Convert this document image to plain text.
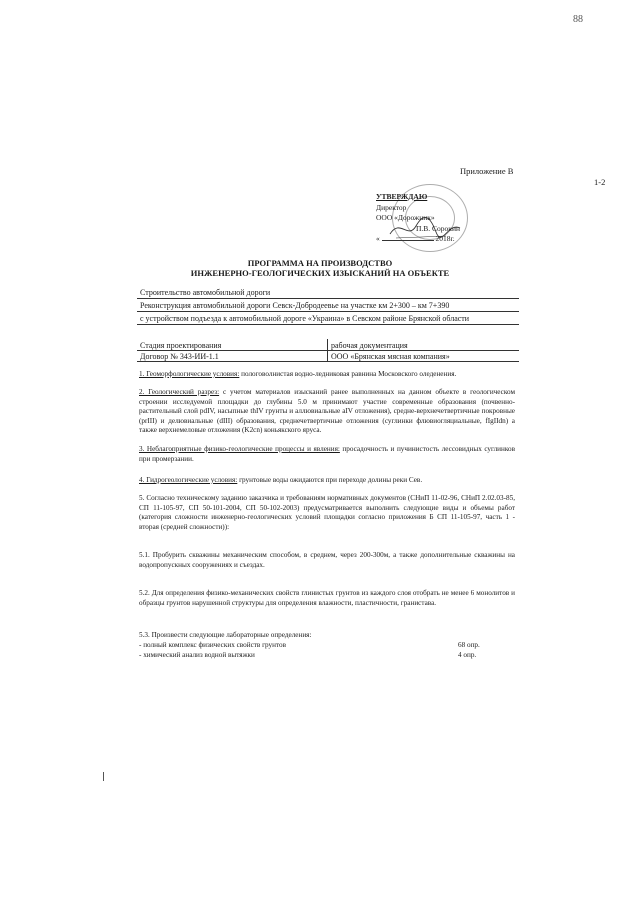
88
Приложение В
1-2
УТВЕРЖДАЮ
Директор
ООО «Дорожник»
П.В. Сорокин
«	2018г.
ПРОГРАММА НА ПРОИЗВОДСТВО
ИНЖЕНЕРНО-ГЕОЛОГИЧЕСКИХ ИЗЫСКАНИЙ НА ОБЪЕКТЕ
Строительство автомобильной дороги
Реконструкция автомобильной дороги Севск-Добродеевье на участке км 2+300 – км 7+390
с устройством подъезда к автомобильной дороге «Украина» в Севском районе Брянской области
Стадия проектирования	рабочая документация
Договор № 343-ИИ-1.1	ООО «Брянская мясная компания»
1. Геоморфологические условия: пологоволнистая водно-ледниковая равнина Московского оледенения.
2. Геологический разрез: с учетом материалов изысканий ранее выполненных на данном объекте в геологическом строении исследуемой площадки до глубины 5.0 м принимают участие современные образования (почвенно-растительный слой pdIV, насыпные thIV грунты и аллювиальные aIV отложения), средне-верхнечетвертичные покровные (prIII) и делювиальные (dIII) образования, среднечетвертичные отложения (суглинки флювиогляциальные, fIgIIdn) а также верхнемеловые отложения (K2cn) коньякского яруса.
3. Неблагоприятные физико-геологические процессы и явления: просадочность и пучинистость лессовидных суглинков при промерзании.
4. Гидрогеологические условия: грунтовые воды ожидаются при переходе долины реки Сев.
5. Согласно техническому заданию заказчика и требованиям нормативных документов (СНиП 11-02-96, СНиП 2.02.03-85, СП 11-105-97, СП 50-101-2004, СП 50-102-2003) предусматривается выполнить следующие виды и объемы работ (категория сложности инженерно-геологических условий площадки согласно приложения Б СП 11-105-97, часть 1 - вторая (средней сложности)):
5.1. Пробурить скважины механическим способом, в среднем, через 200-300м, а также дополнительные скважины на водопропускных сооружениях и съездах.
5.2. Для определения физико-механических свойств глинистых грунтов из каждого слоя отобрать не менее 6 монолитов и образцы грунтов нарушенной структуры для определения влажности, пластичности, гранистава.
5.3. Произвести следующие лабораторные определения:
- полный комплекс физических свойств грунтов	68 опр.
- химический анализ водной вытяжки	4 опр.
